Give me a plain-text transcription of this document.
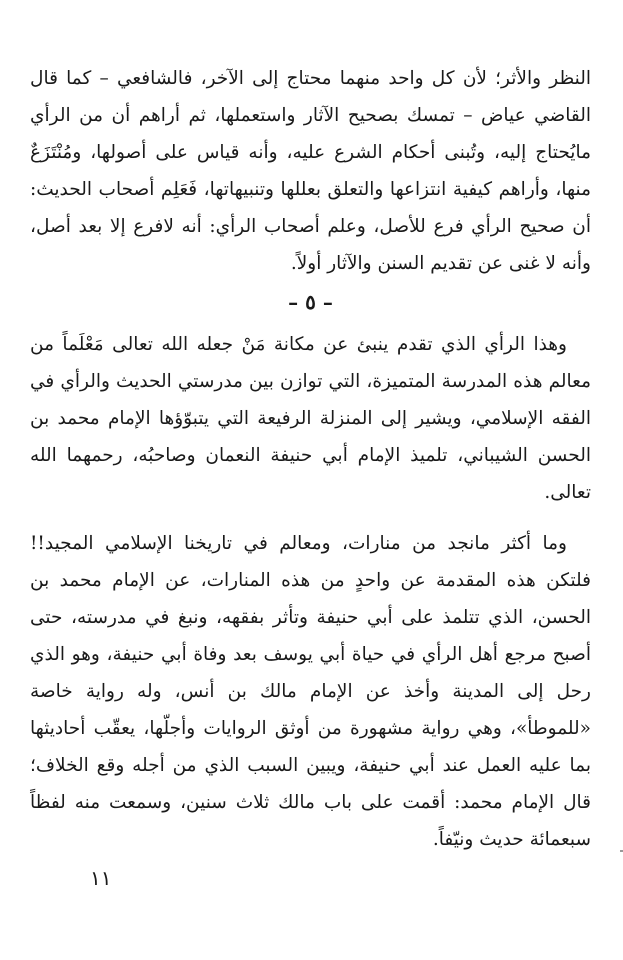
النظر والأثر؛ لأن كل واحد منهما محتاج إلى الآخر، فالشافعي – كما قال القاضي عياض – تمسك بصحيح الآثار واستعملها، ثم أراهم أن من الرأي مايُحتاج إليه، وتُبنى أحكام الشرع عليه، وأنه قياس على أصولها، ومُنْتَزَعٌ منها، وأراهم كيفية انتزاعها والتعلق بعللها وتنبيهاتها، فَعَلِم أصحاب الحديث: أن صحيح الرأي فرع للأصل، وعلم أصحاب الرأي: أنه لافرع إلا بعد أصل، وأنه لا غنى عن تقديم السنن والآثار أولاً.

– ٥ –

وهذا الرأي الذي تقدم ينبئ عن مكانة مَنْ جعله الله تعالى مَعْلَماً من معالم هذه المدرسة المتميزة، التي توازن بين مدرستي الحديث والرأي في الفقه الإسلامي، ويشير إلى المنزلة الرفيعة التي يتبوّؤها الإمام محمد بن الحسن الشيباني، تلميذ الإمام أبي حنيفة النعمان وصاحبُه، رحمهما الله تعالى.

وما أكثر مانجد من منارات، ومعالم في تاريخنا الإسلامي المجيد!! فلتكن هذه المقدمة عن واحدٍ من هذه المنارات، عن الإمام محمد بن الحسن، الذي تتلمذ على أبي حنيفة وتأثر بفقهه، ونبغ في مدرسته، حتى أصبح مرجع أهل الرأي في حياة أبي يوسف بعد وفاة أبي حنيفة، وهو الذي رحل إلى المدينة وأخذ عن الإمام مالك بن أنس، وله رواية خاصة «للموطأ»، وهي رواية مشهورة من أوثق الروايات وأجلّها، يعقّب أحاديثها بما عليه العمل عند أبي حنيفة، ويبين السبب الذي من أجله وقع الخلاف؛ قال الإمام محمد: أقمت على باب مالك ثلاث سنين، وسمعت منه لفظاً سبعمائة حديث ونيّفاً.

١١
